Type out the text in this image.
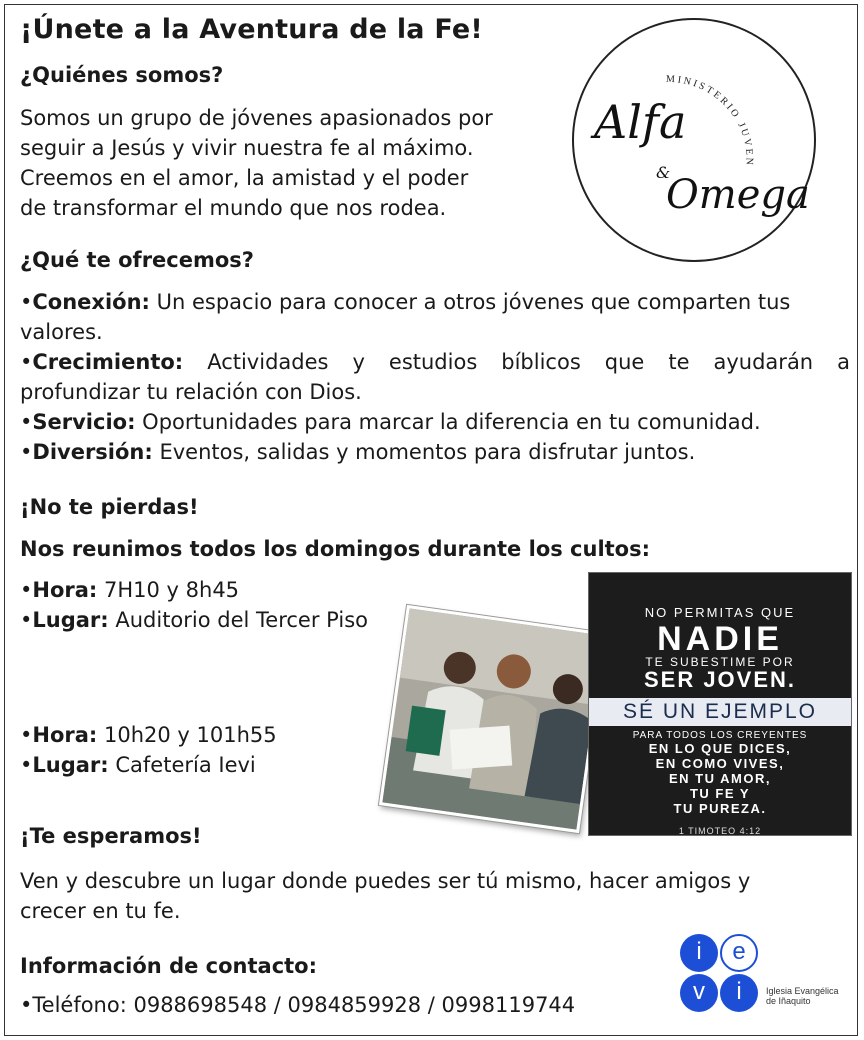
¡Únete a la Aventura de la Fe!
¿Quiénes somos?
Somos un grupo de jóvenes apasionados por
seguir a Jesús y vivir nuestra fe al máximo.
Creemos en el amor, la amistad y el poder
de transformar el mundo que nos rodea.
MINISTERIO JUVEN
Alfa
&
Omega
¿Qué te ofrecemos?
•Conexión: Un espacio para conocer a otros jóvenes que comparten tus
valores.
•Crecimiento: Actividades y estudios bíblicos que te ayudarán a
profundizar tu relación con Dios.
•Servicio: Oportunidades para marcar la diferencia en tu comunidad.
•Diversión: Eventos, salidas y momentos para disfrutar juntos.
¡No te pierdas!
Nos reunimos todos los domingos durante los cultos:
•Hora: 7H10 y 8h45
•Lugar: Auditorio del Tercer Piso
•Hora: 10h20 y 101h55
•Lugar: Cafetería Ievi
NO PERMITAS QUE
NADIE
TE SUBESTIME POR
SER JOVEN.
SÉ UN EJEMPLO
PARA TODOS LOS CREYENTES
EN LO QUE DICES,
EN COMO VIVES,
EN TU AMOR,
TU FE Y
TU PUREZA.
1 TIMOTEO 4:12
¡Te esperamos!
Ven y descubre un lugar donde puedes ser tú mismo, hacer amigos y
crecer en tu fe.
Información de contacto:
•Teléfono: 0988698548 / 0984859928 / 0998119744
i	e
v	i	Iglesia Evangélica
de Iñaquito
